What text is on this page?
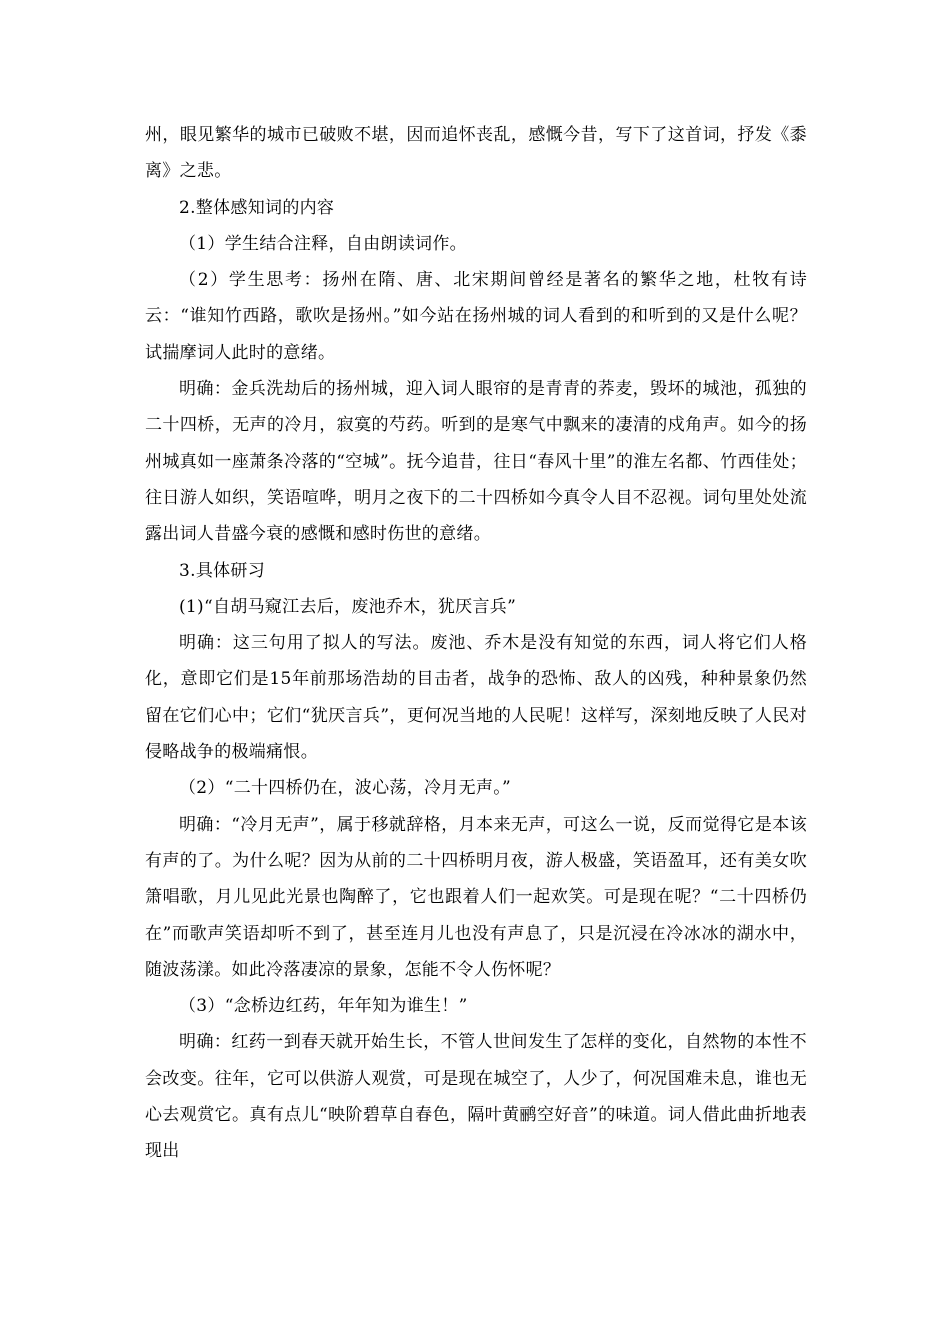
州，眼见繁华的城市已破败不堪，因而追怀丧乱，感慨今昔，写下了这首词，抒发《黍离》之悲。

2.整体感知词的内容

（1）学生结合注释，自由朗读词作。

（2）学生思考：扬州在隋、唐、北宋期间曾经是著名的繁华之地，杜牧有诗云：“谁知竹西路，歌吹是扬州。”如今站在扬州城的词人看到的和听到的又是什么呢？试揣摩词人此时的意绪。

明确：金兵洗劫后的扬州城，迎入词人眼帘的是青青的荞麦，毁坏的城池，孤独的二十四桥，无声的冷月，寂寞的芍药。听到的是寒气中飘来的凄清的戍角声。如今的扬州城真如一座萧条冷落的“空城”。抚今追昔，往日“春风十里”的淮左名都、竹西佳处；往日游人如织，笑语喧哗，明月之夜下的二十四桥如今真令人目不忍视。词句里处处流露出词人昔盛今衰的感慨和感时伤世的意绪。

3.具体研习

(1)“自胡马窥江去后，废池乔木，犹厌言兵”

明确：这三句用了拟人的写法。废池、乔木是没有知觉的东西，词人将它们人格化，意即它们是15年前那场浩劫的目击者，战争的恐怖、敌人的凶残，种种景象仍然留在它们心中；它们“犹厌言兵”，更何况当地的人民呢！这样写，深刻地反映了人民对侵略战争的极端痛恨。

（2）“二十四桥仍在，波心荡，冷月无声。”

明确：“冷月无声”，属于移就辞格，月本来无声，可这么一说，反而觉得它是本该有声的了。为什么呢？因为从前的二十四桥明月夜，游人极盛，笑语盈耳，还有美女吹箫唱歌，月儿见此光景也陶醉了，它也跟着人们一起欢笑。可是现在呢？“二十四桥仍在”而歌声笑语却听不到了，甚至连月儿也没有声息了，只是沉浸在冷冰冰的湖水中，随波荡漾。如此冷落凄凉的景象，怎能不令人伤怀呢？

（3）“念桥边红药，年年知为谁生！”

明确：红药一到春天就开始生长，不管人世间发生了怎样的变化，自然物的本性不会改变。往年，它可以供游人观赏，可是现在城空了，人少了，何况国难未息，谁也无心去观赏它。真有点儿“映阶碧草自春色，隔叶黄鹂空好音”的味道。词人借此曲折地表现出
